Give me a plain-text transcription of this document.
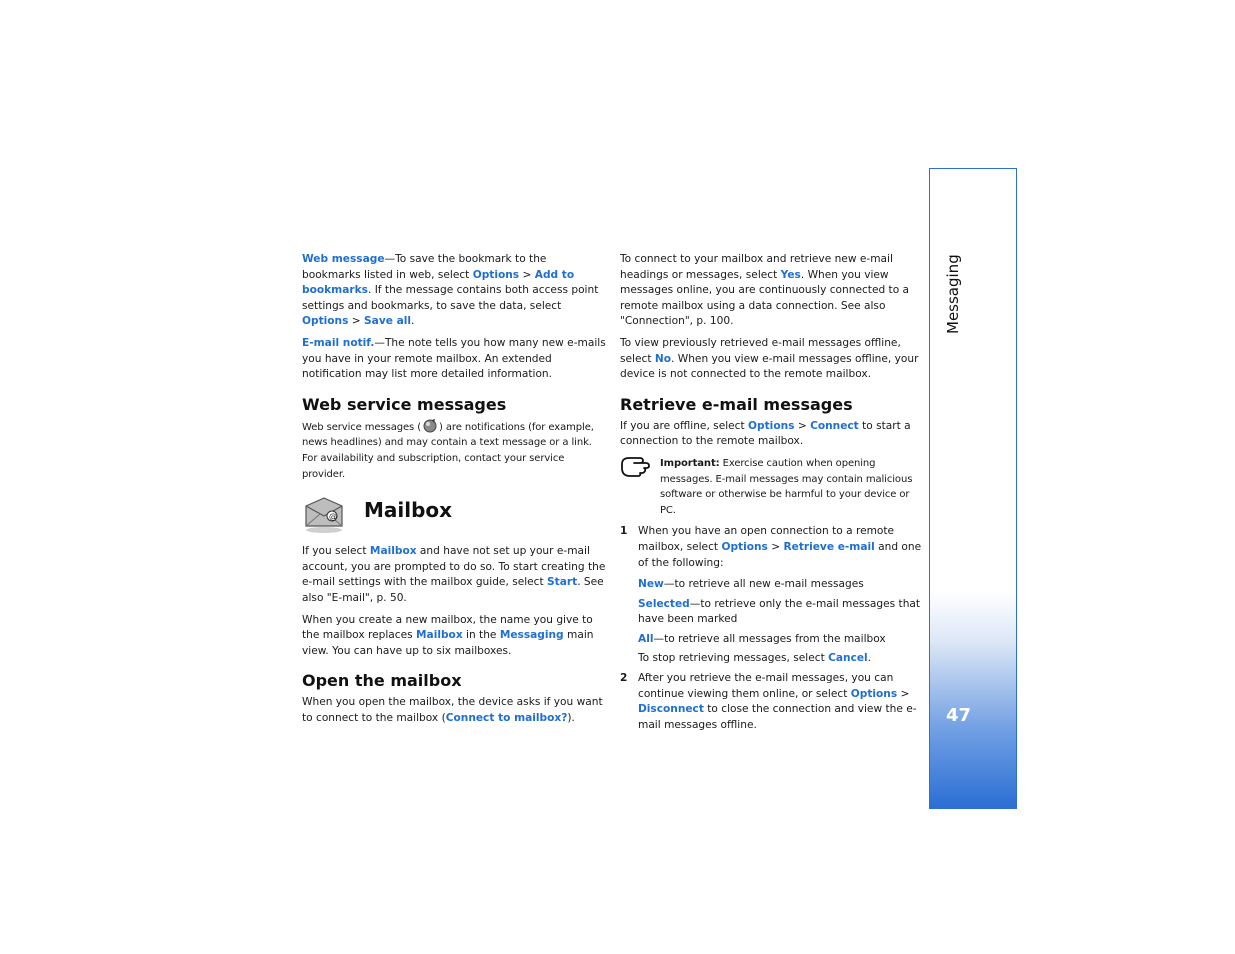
Messaging
47

Web message—To save the bookmark to the bookmarks listed in web, select Options > Add to bookmarks. If the message contains both access point settings and bookmarks, to save the data, select Options > Save all.

E-mail notif.—The note tells you how many new e-mails you have in your remote mailbox. An extended notification may list more detailed information.

Web service messages

Web service messages ( ) are notifications (for example, news headlines) and may contain a text message or a link. For availability and subscription, contact your service provider.

@ Mailbox

If you select Mailbox and have not set up your e-mail account, you are prompted to do so. To start creating the e-mail settings with the mailbox guide, select Start. See also "E-mail", p. 50.

When you create a new mailbox, the name you give to the mailbox replaces Mailbox in the Messaging main view. You can have up to six mailboxes.

Open the mailbox

When you open the mailbox, the device asks if you want to connect to the mailbox (Connect to mailbox?).

To connect to your mailbox and retrieve new e-mail headings or messages, select Yes. When you view messages online, you are continuously connected to a remote mailbox using a data connection. See also "Connection", p. 100.

To view previously retrieved e-mail messages offline, select No. When you view e-mail messages offline, your device is not connected to the remote mailbox.

Retrieve e-mail messages

If you are offline, select Options > Connect to start a connection to the remote mailbox.

Important: Exercise caution when opening messages. E-mail messages may contain malicious software or otherwise be harmful to your device or PC.
1	When you have an open connection to a remote mailbox, select Options > Retrieve e-mail and one of the following:

New—to retrieve all new e-mail messages

Selected—to retrieve only the e-mail messages that have been marked

All—to retrieve all messages from the mailbox

To stop retrieving messages, select Cancel.

2	After you retrieve the e-mail messages, you can continue viewing them online, or select Options > Disconnect to close the connection and view the e-mail messages offline.
